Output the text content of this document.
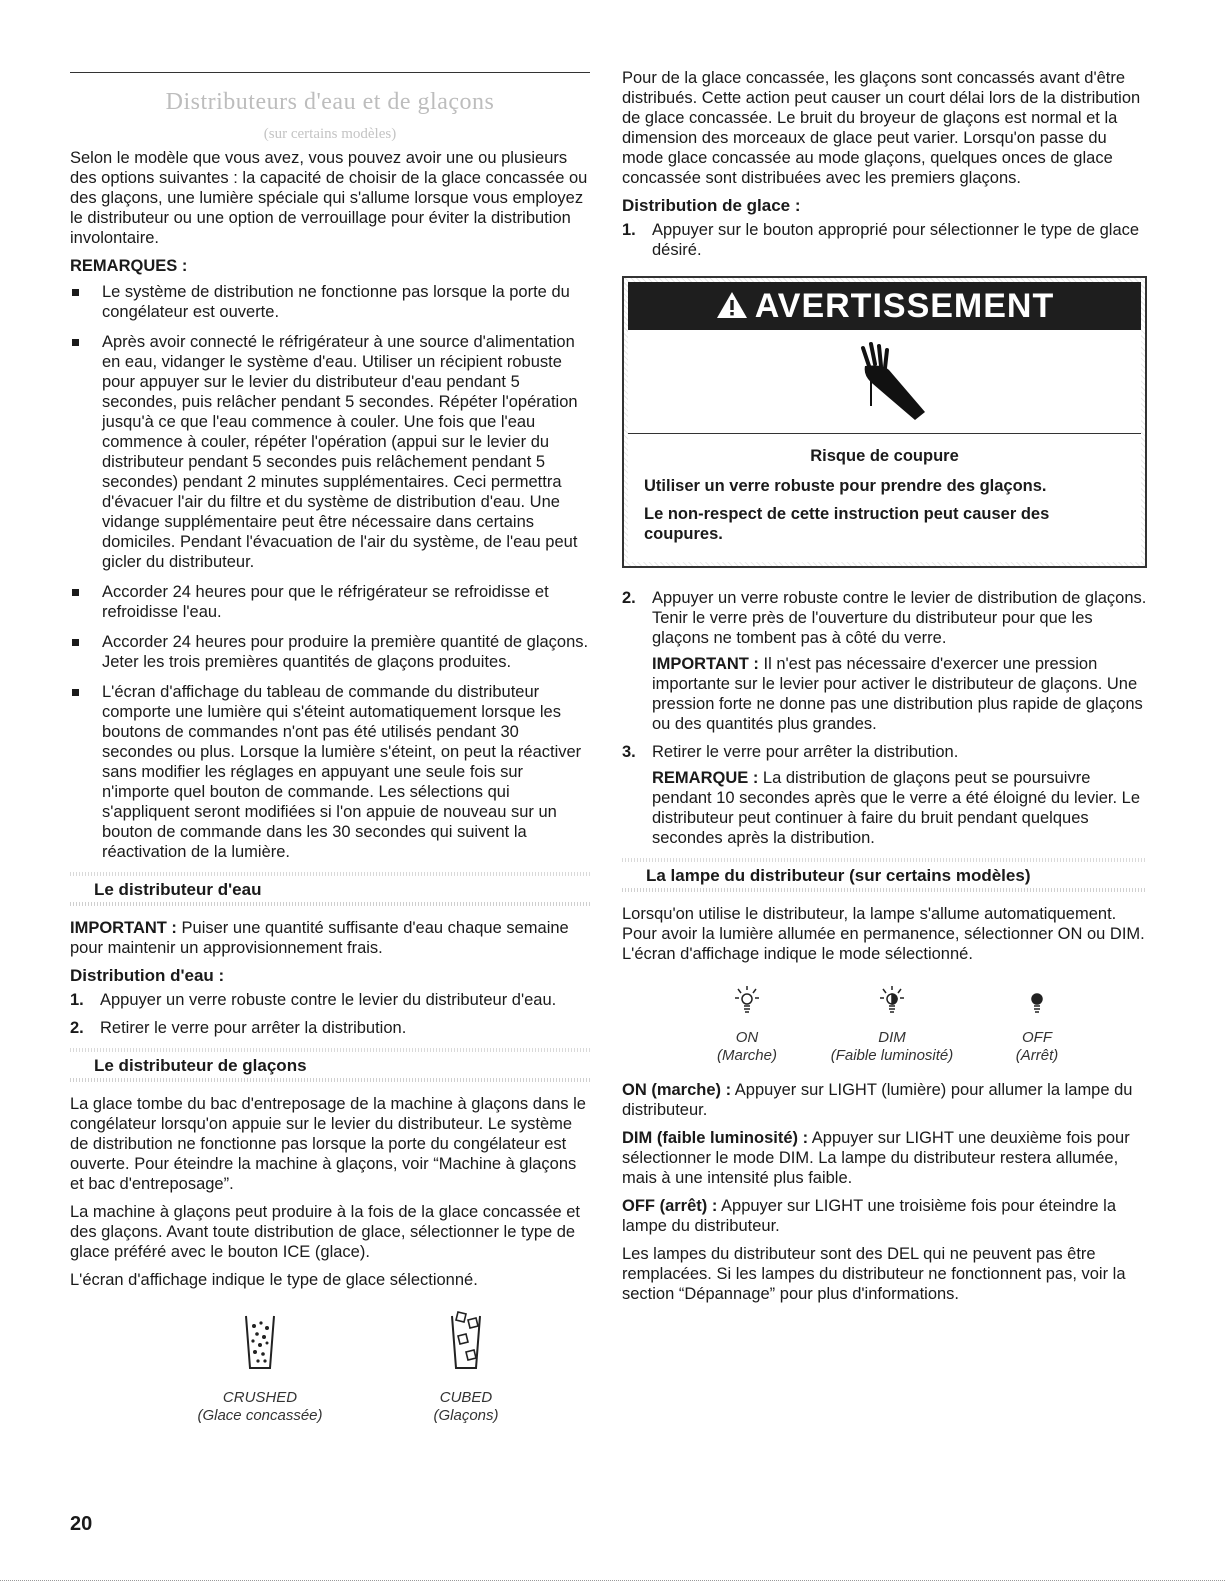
Distributeurs d'eau et de glaçons
(sur certains modèles)

Selon le modèle que vous avez, vous pouvez avoir une ou plusieurs des options suivantes : la capacité de choisir de la glace concassée ou des glaçons, une lumière spéciale qui s'allume lorsque vous employez le distributeur ou une option de verrouillage pour éviter la distribution involontaire.

REMARQUES :
Le système de distribution ne fonctionne pas lorsque la porte du congélateur est ouverte.
Après avoir connecté le réfrigérateur à une source d'alimentation en eau, vidanger le système d'eau. Utiliser un récipient robuste pour appuyer sur le levier du distributeur d'eau pendant 5 secondes, puis relâcher pendant 5 secondes. Répéter l'opération jusqu'à ce que l'eau commence à couler. Une fois que l'eau commence à couler, répéter l'opération (appui sur le levier du distributeur pendant 5 secondes puis relâchement pendant 5 secondes) pendant 2 minutes supplémentaires. Ceci permettra d'évacuer l'air du filtre et du système de distribution d'eau. Une vidange supplémentaire peut être nécessaire dans certains domiciles. Pendant l'évacuation de l'air du système, de l'eau peut gicler du distributeur.
Accorder 24 heures pour que le réfrigérateur se refroidisse et refroidisse l'eau.
Accorder 24 heures pour produire la première quantité de glaçons. Jeter les trois premières quantités de glaçons produites.
L'écran d'affichage du tableau de commande du distributeur comporte une lumière qui s'éteint automatiquement lorsque les boutons de commandes n'ont pas été utilisés pendant 30 secondes ou plus. Lorsque la lumière s'éteint, on peut la réactiver sans modifier les réglages en appuyant une seule fois sur n'importe quel bouton de commande. Les sélections qui s'appliquent seront modifiées si l'on appuie de nouveau sur un bouton de commande dans les 30 secondes qui suivent la réactivation de la lumière.
Le distributeur d'eau

IMPORTANT : Puiser une quantité suffisante d'eau chaque semaine pour maintenir un approvisionnement frais.

Distribution d'eau :
1. Appuyer un verre robuste contre le levier du distributeur d'eau.
2. Retirer le verre pour arrêter la distribution.
Le distributeur de glaçons

La glace tombe du bac d'entreposage de la machine à glaçons dans le congélateur lorsqu'on appuie sur le levier du distributeur. Le système de distribution ne fonctionne pas lorsque la porte du congélateur est ouverte. Pour éteindre la machine à glaçons, voir “Machine à glaçons et bac d'entreposage”.

La machine à glaçons peut produire à la fois de la glace concassée et des glaçons. Avant toute distribution de glace, sélectionner le type de glace préféré avec le bouton ICE (glace).

L'écran d'affichage indique le type de glace sélectionné.

CRUSHED
(Glace concassée)
CUBED
(Glaçons)

Pour de la glace concassée, les glaçons sont concassés avant d'être distribués. Cette action peut causer un court délai lors de la distribution de glace concassée. Le bruit du broyeur de glaçons est normal et la dimension des morceaux de glace peut varier. Lorsqu'on passe du mode glace concassée au mode glaçons, quelques onces de glace concassée sont distribuées avec les premiers glaçons.

Distribution de glace :
1. Appuyer sur le bouton approprié pour sélectionner le type de glace désiré.
AVERTISSEMENT
Risque de coupure

Utiliser un verre robuste pour prendre des glaçons.

Le non-respect de cette instruction peut causer des coupures.

2. Appuyer un verre robuste contre le levier de distribution de glaçons. Tenir le verre près de l'ouverture du distributeur pour que les glaçons ne tombent pas à côté du verre.
IMPORTANT : Il n'est pas nécessaire d'exercer une pression importante sur le levier pour activer le distributeur de glaçons. Une pression forte ne donne pas une distribution plus rapide de glaçons ou des quantités plus grandes.
3. Retirer le verre pour arrêter la distribution.
REMARQUE : La distribution de glaçons peut se poursuivre pendant 10 secondes après que le verre a été éloigné du levier. Le distributeur peut continuer à faire du bruit pendant quelques secondes après la distribution.
La lampe du distributeur (sur certains modèles)

Lorsqu'on utilise le distributeur, la lampe s'allume automatiquement. Pour avoir la lumière allumée en permanence, sélectionner ON ou DIM. L'écran d'affichage indique le mode sélectionné.

ON
(Marche)
DIM
(Faible luminosité)
OFF
(Arrêt)

ON (marche) : Appuyer sur LIGHT (lumière) pour allumer la lampe du distributeur.

DIM (faible luminosité) : Appuyer sur LIGHT une deuxième fois pour sélectionner le mode DIM. La lampe du distributeur restera allumée, mais à une intensité plus faible.

OFF (arrêt) : Appuyer sur LIGHT une troisième fois pour éteindre la lampe du distributeur.

Les lampes du distributeur sont des DEL qui ne peuvent pas être remplacées. Si les lampes du distributeur ne fonctionnent pas, voir la section “Dépannage” pour plus d'informations.

20
